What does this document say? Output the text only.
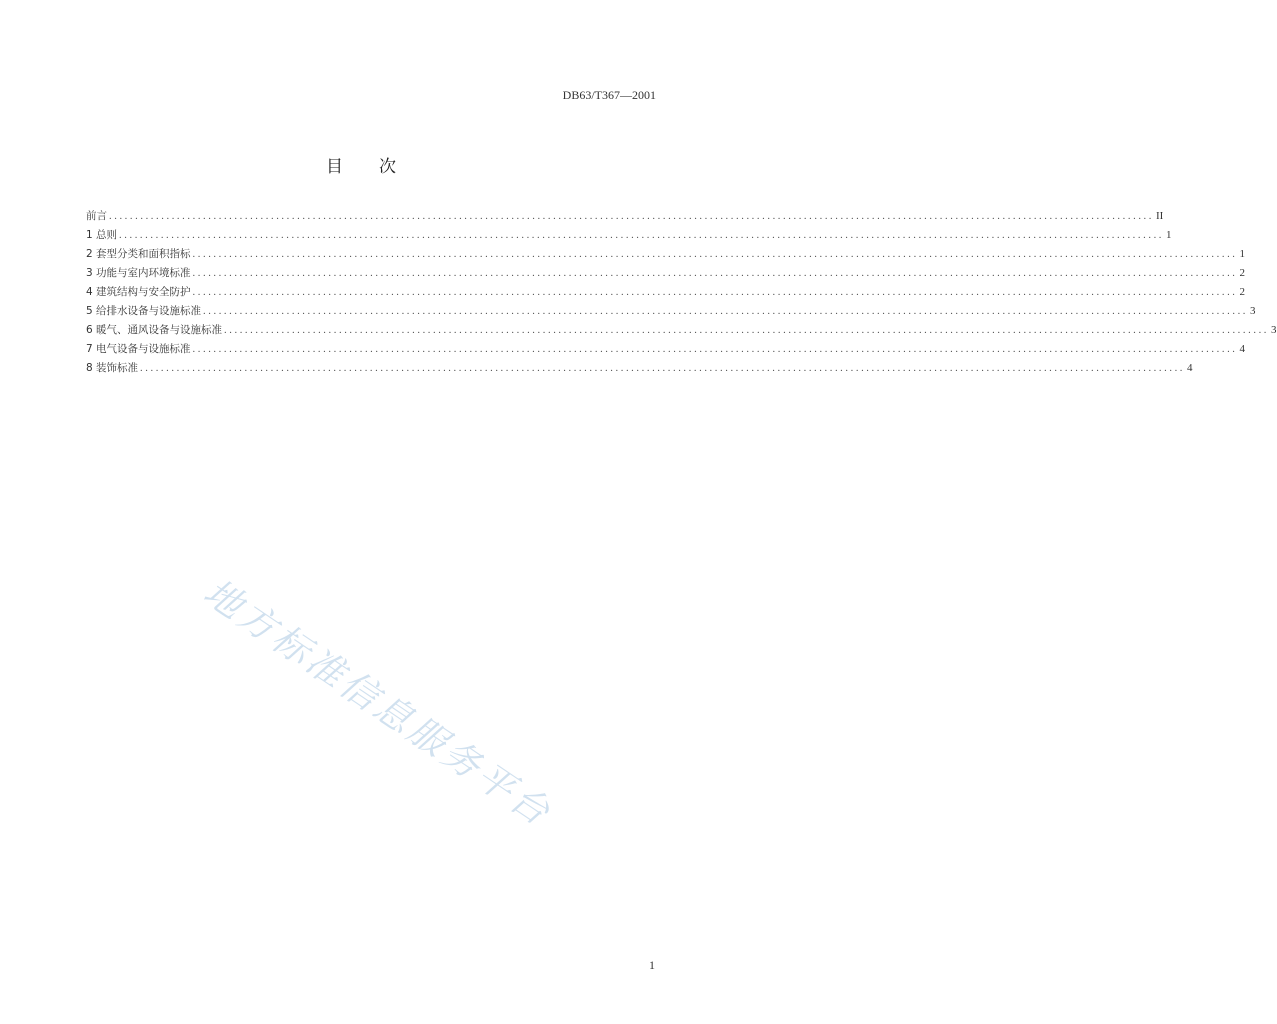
DB63/T367—2001
目 次
前言 ........................................................................................................................................................................................................ II
1 总则 ........................................................................................................................................................................................................ 1
2 套型分类和面积指标 ........................................................................................................................................................................................................ 1
3 功能与室内环境标准 ........................................................................................................................................................................................................ 2
4 建筑结构与安全防护 ........................................................................................................................................................................................................ 2
5 给排水设备与设施标准 ........................................................................................................................................................................................................ 3
6 暖气、通风设备与设施标准 ........................................................................................................................................................................................................ 3
7 电气设备与设施标准 ........................................................................................................................................................................................................ 4
8 装饰标准 ........................................................................................................................................................................................................ 4
地方标准信息服务平台
1
